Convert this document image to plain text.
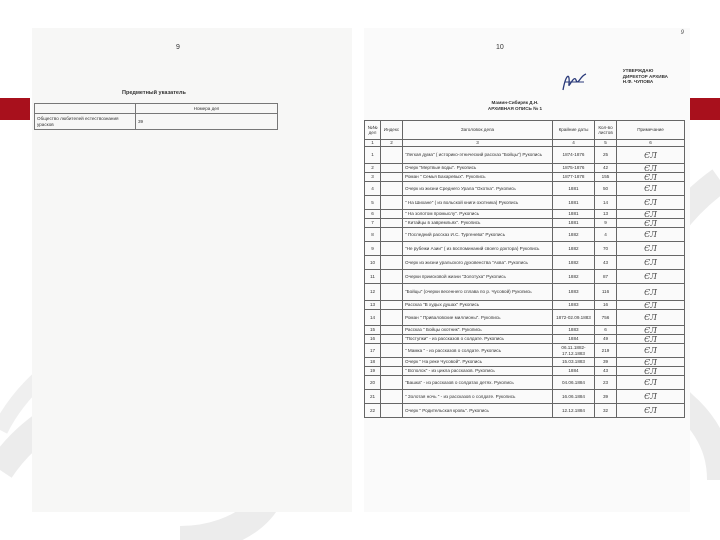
9
Предметный указатель
	Номера дел
Общество любителей естествознания урасков	39
9
10
УТВЕРЖДАЮ
ДИРЕКТОР АРХИВА
Н.Ф. ЧУПОВА
Мамин-Сибиряк Д.Н.
АРХИВНАЯ ОПИСЬ № 1
№№ дел	Индекс	Заголовок дела	Крайние даты	Кол-во листов	Примечание
1	2	3	4	5	6
1		"Легкая дума" ( историко-этнический рассказ "Бойцы") Рукопись	1874-1876	25	ЄЛ
2		Очерк "Мертвые воды". Рукопись	1875-1876	42	ЄЛ
3		Роман " Семья Бахаревых". Рукопись	1877-1878	155	ЄЛ
4		Очерк из жизни Среднего Урала "Охотка". Рукопись	1881	50	ЄЛ
5		" На Шихане" ( из вольской книги охотника) Рукопись	1881	14	ЄЛ
6		" На золотом промыслу". Рукопись	1881	13	ЄЛ
7		" Китайцы в завремльях". Рукопись	1881	9	ЄЛ
8		" Последний рассказ И.С. Тургенева" Рукопись	1882	4	ЄЛ
9		"Не рубежи Азии" ( из воспоминаний своего доктора) Рукопись	1882	70	ЄЛ
10		Очерк из жизни уральского духовенства "Ахва". Рукопись	1882	43	ЄЛ
11		Очерки приисковой жизни "Золотуха" Рукопись	1882	87	ЄЛ
12		"Бойцы" (очерки весеннего сплава по р. Чусовой) Рукопись	1883	116	ЄЛ
13		Рассказ "В худых душах" Рукопись	1883	16	ЄЛ
14		Роман " Приваловские миллионы". Рукопись	1872-02.09.1883	756	ЄЛ
15		Рассказ " Бойцы охотник". Рукопись	1883	6	ЄЛ
16		"Поступки" - из рассказов о солдате. Рукопись	1884	49	ЄЛ
17		" Мамка " - из рассказов о солдате. Рукопись	06.11.1882-17.12.1883	219	ЄЛ
18		Очерк " На реке Чусовой". Рукопись	15.03.1883	39	ЄЛ
19		" Всполох" - из цикла рассказов. Рукопись	1884	43	ЄЛ
20		"Башка" - из рассказов о солдатах детях. Рукопись	04.06.1884	23	ЄЛ
21		" Золотая ночь " - из рассказов о солдате. Рукопись	16.06.1884	39	ЄЛ
22		Очерк " Родительская кровь". Рукопись	12.12.1884	32	ЄЛ
